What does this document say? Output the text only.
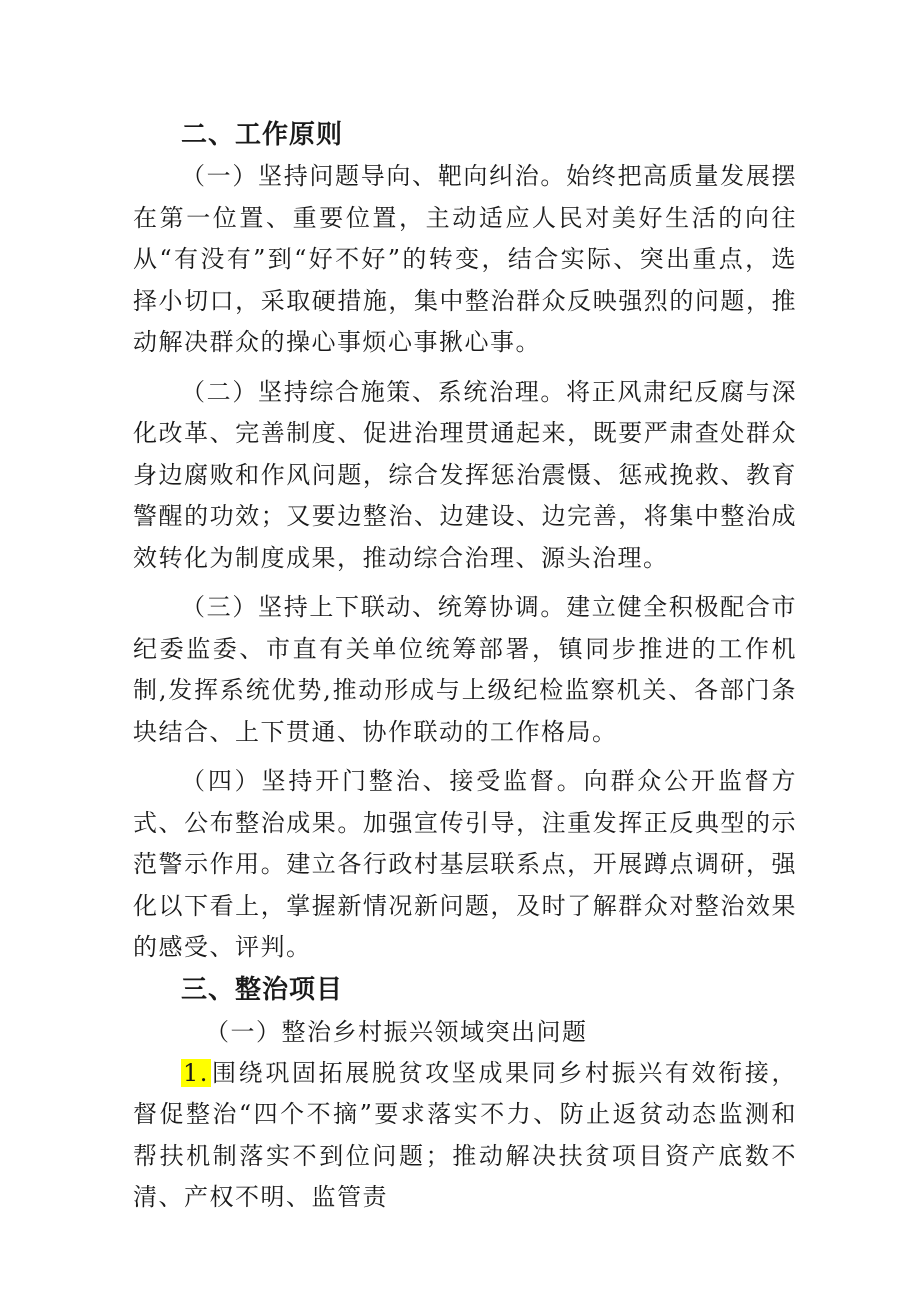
二、工作原则

（一）坚持问题导向、靶向纠治。始终把高质量发展摆在第一位置、重要位置，主动适应人民对美好生活的向往从“有没有”到“好不好”的转变，结合实际、突出重点，选择小切口，采取硬措施，集中整治群众反映强烈的问题，推动解决群众的操心事烦心事揪心事。

（二）坚持综合施策、系统治理。将正风肃纪反腐与深化改革、完善制度、促进治理贯通起来，既要严肃查处群众身边腐败和作风问题，综合发挥惩治震慑、惩戒挽救、教育警醒的功效；又要边整治、边建设、边完善，将集中整治成效转化为制度成果，推动综合治理、源头治理。

（三）坚持上下联动、统筹协调。建立健全积极配合市纪委监委、市直有关单位统筹部署，镇同步推进的工作机制,发挥系统优势,推动形成与上级纪检监察机关、各部门条块结合、上下贯通、协作联动的工作格局。

（四）坚持开门整治、接受监督。向群众公开监督方式、公布整治成果。加强宣传引导，注重发挥正反典型的示范警示作用。建立各行政村基层联系点，开展蹲点调研，强化以下看上，掌握新情况新问题，及时了解群众对整治效果的感受、评判。

三、整治项目
（一）整治乡村振兴领域突出问题

1.围绕巩固拓展脱贫攻坚成果同乡村振兴有效衔接，督促整治“四个不摘”要求落实不力、防止返贫动态监测和帮扶机制落实不到位问题；推动解决扶贫项目资产底数不清、产权不明、监管责
